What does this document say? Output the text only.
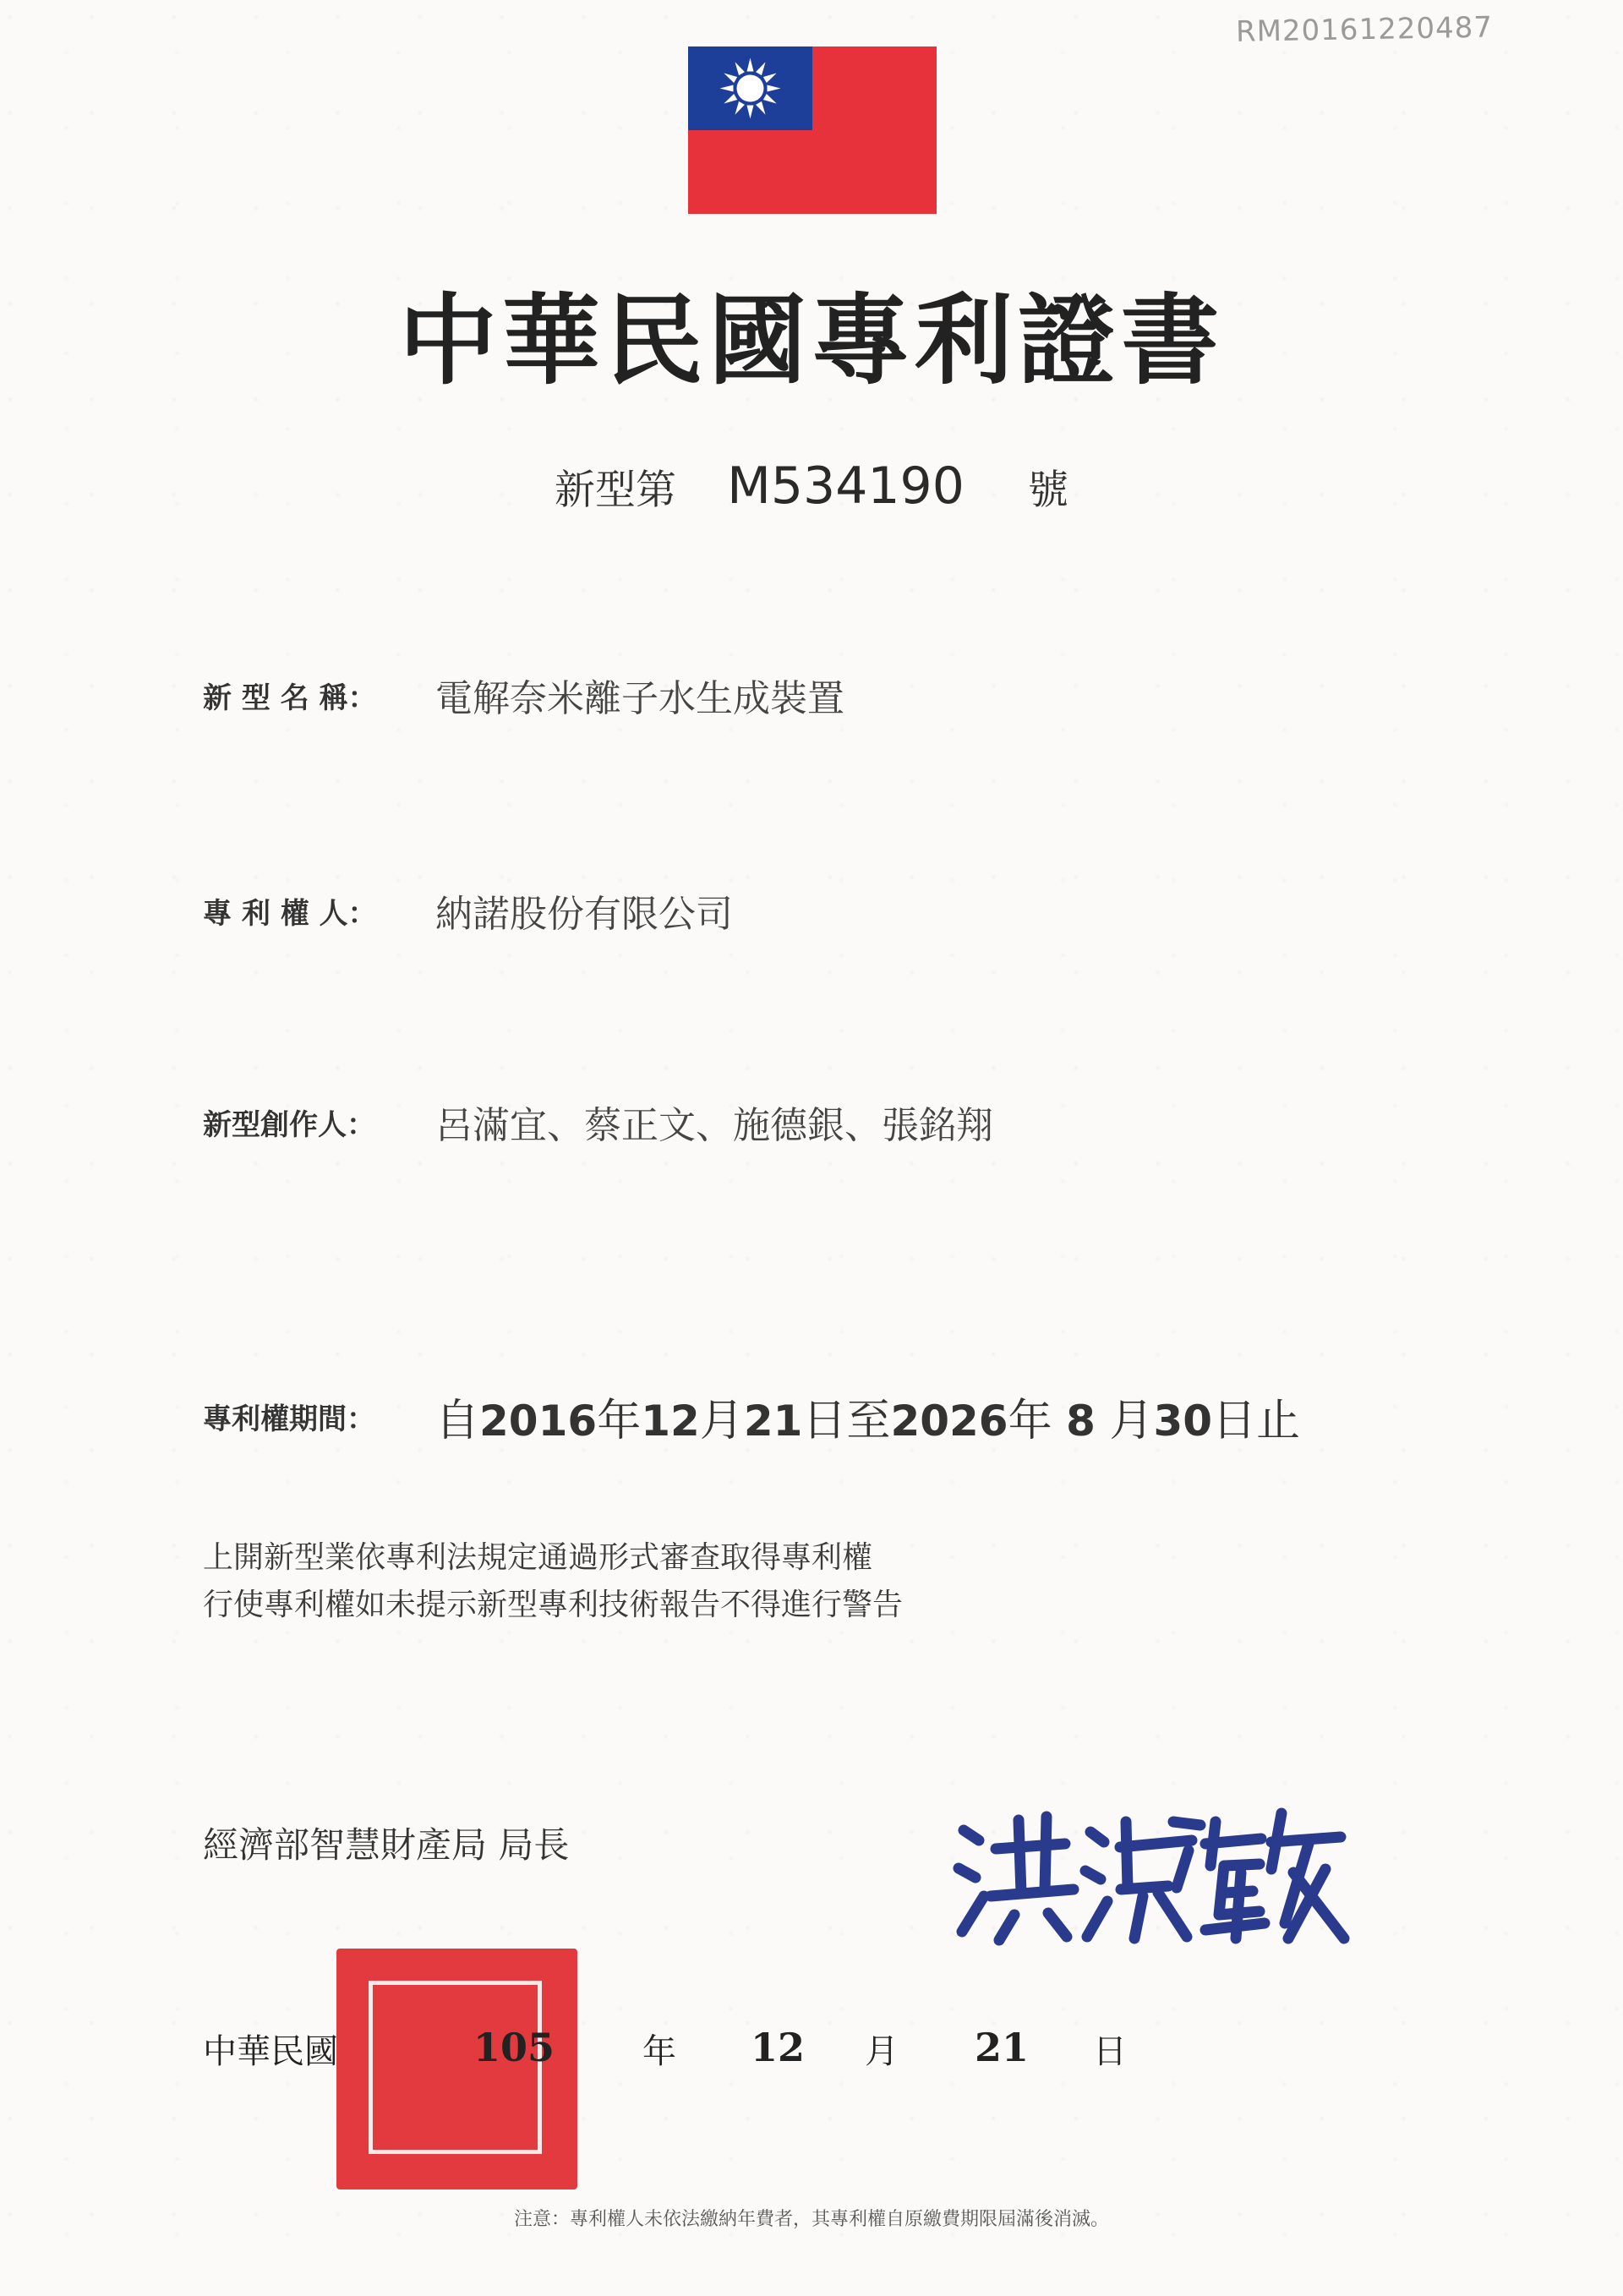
RM20161220487
中華民國專利證書
新型第 M534190 號
新 型 名 稱： 電解奈米離子水生成裝置
專 利 權 人： 納諾股份有限公司
新型創作人： 呂滿宜、蔡正文、施德銀、張銘翔
專利權期間： 自2016年12月21日至2026年 8 月30日止
上開新型業依專利法規定通過形式審查取得專利權
行使專利權如未提示新型專利技術報告不得進行警告
經濟部智慧財產局 局長
中華民國	105	年 12 月 21 日
注意：專利權人未依法繳納年費者，其專利權自原繳費期限屆滿後消滅。
